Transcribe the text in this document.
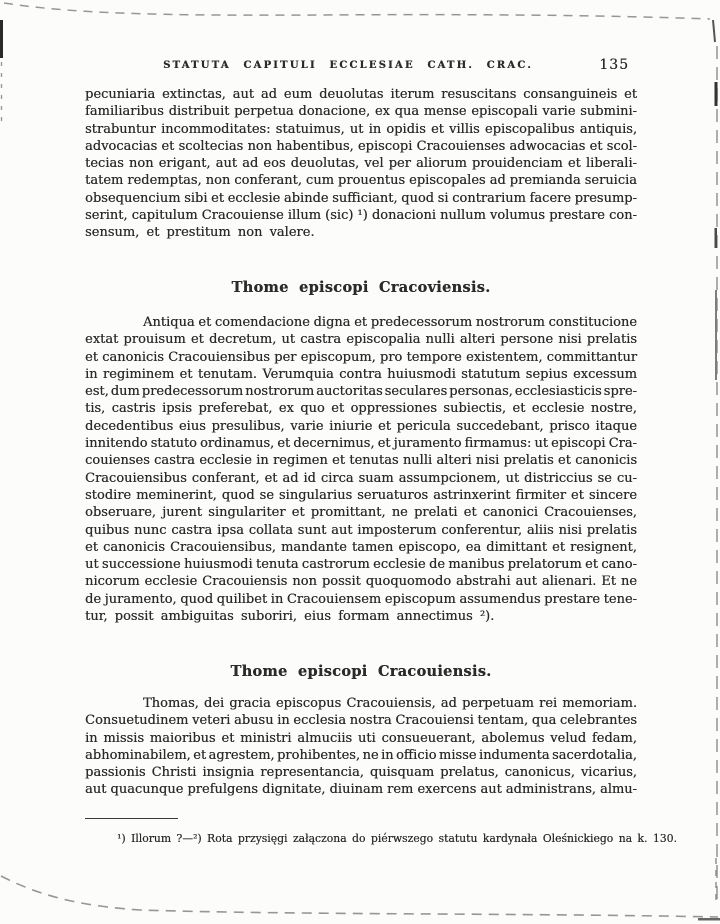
STATUTA CAPITULI ECCLESIAE CATH. CRAC.	135
pecuniaria extinctas, aut ad eum deuolutas iterum resuscitans consanguineis et
familiaribus distribuit perpetua donacione, ex qua mense episcopali varie submini-
strabuntur incommoditates: statuimus, ut in opidis et villis episcopalibus antiquis,
advocacias et scoltecias non habentibus, episcopi Cracouienses adwocacias et scol-
tecias non erigant, aut ad eos deuolutas, vel per aliorum prouidenciam et liberali-
tatem redemptas, non conferant, cum prouentus episcopales ad premianda seruicia
obsequencium sibi et ecclesie abinde sufficiant, quod si contrarium facere presump-
serint, capitulum Cracouiense illum (sic) ¹) donacioni nullum volumus prestare con-
sensum, et prestitum non valere.
Thome episcopi Cracoviensis.
Antiqua et comendacione digna et predecessorum nostrorum constitucione
extat prouisum et decretum, ut castra episcopalia nulli alteri persone nisi prelatis
et canonicis Cracouiensibus per episcopum, pro tempore existentem, committantur
in regiminem et tenutam. Verumquia contra huiusmodi statutum sepius excessum
est, dum predecessorum nostrorum auctoritas seculares personas, ecclesiasticis spre-
tis, castris ipsis preferebat, ex quo et oppressiones subiectis, et ecclesie nostre,
decedentibus eius presulibus, varie iniurie et pericula succedebant, prisco itaque
innitendo statuto ordinamus, et decernimus, et juramento firmamus: ut episcopi Cra-
couienses castra ecclesie in regimen et tenutas nulli alteri nisi prelatis et canonicis
Cracouiensibus conferant, et ad id circa suam assumpcionem, ut districcius se cu-
stodire meminerint, quod se singularius seruaturos astrinxerint firmiter et sincere
obseruare, jurent singulariter et promittant, ne prelati et canonici Cracouienses,
quibus nunc castra ipsa collata sunt aut imposterum conferentur, aliis nisi prelatis
et canonicis Cracouiensibus, mandante tamen episcopo, ea dimittant et resignent,
ut successione huiusmodi tenuta castrorum ecclesie de manibus prelatorum et cano-
nicorum ecclesie Cracouiensis non possit quoquomodo abstrahi aut alienari. Et ne
de juramento, quod quilibet in Cracouiensem episcopum assumendus prestare tene-
tur, possit ambiguitas suboriri, eius formam annectimus ²).
Thome episcopi Cracouiensis.
Thomas, dei gracia episcopus Cracouiensis, ad perpetuam rei memoriam.
Consuetudinem veteri abusu in ecclesia nostra Cracouiensi tentam, qua celebrantes
in missis maioribus et ministri almuciis uti consueuerant, abolemus velud fedam,
abhominabilem, et agrestem, prohibentes, ne in officio misse indumenta sacerdotalia,
passionis Christi insignia representancia, quisquam prelatus, canonicus, vicarius,
aut quacunque prefulgens dignitate, diuinam rem exercens aut administrans, almu-
¹) Illorum ?—²) Rota przysięgi załączona do piérwszego statutu kardynała Oleśnickiego na k. 130.
